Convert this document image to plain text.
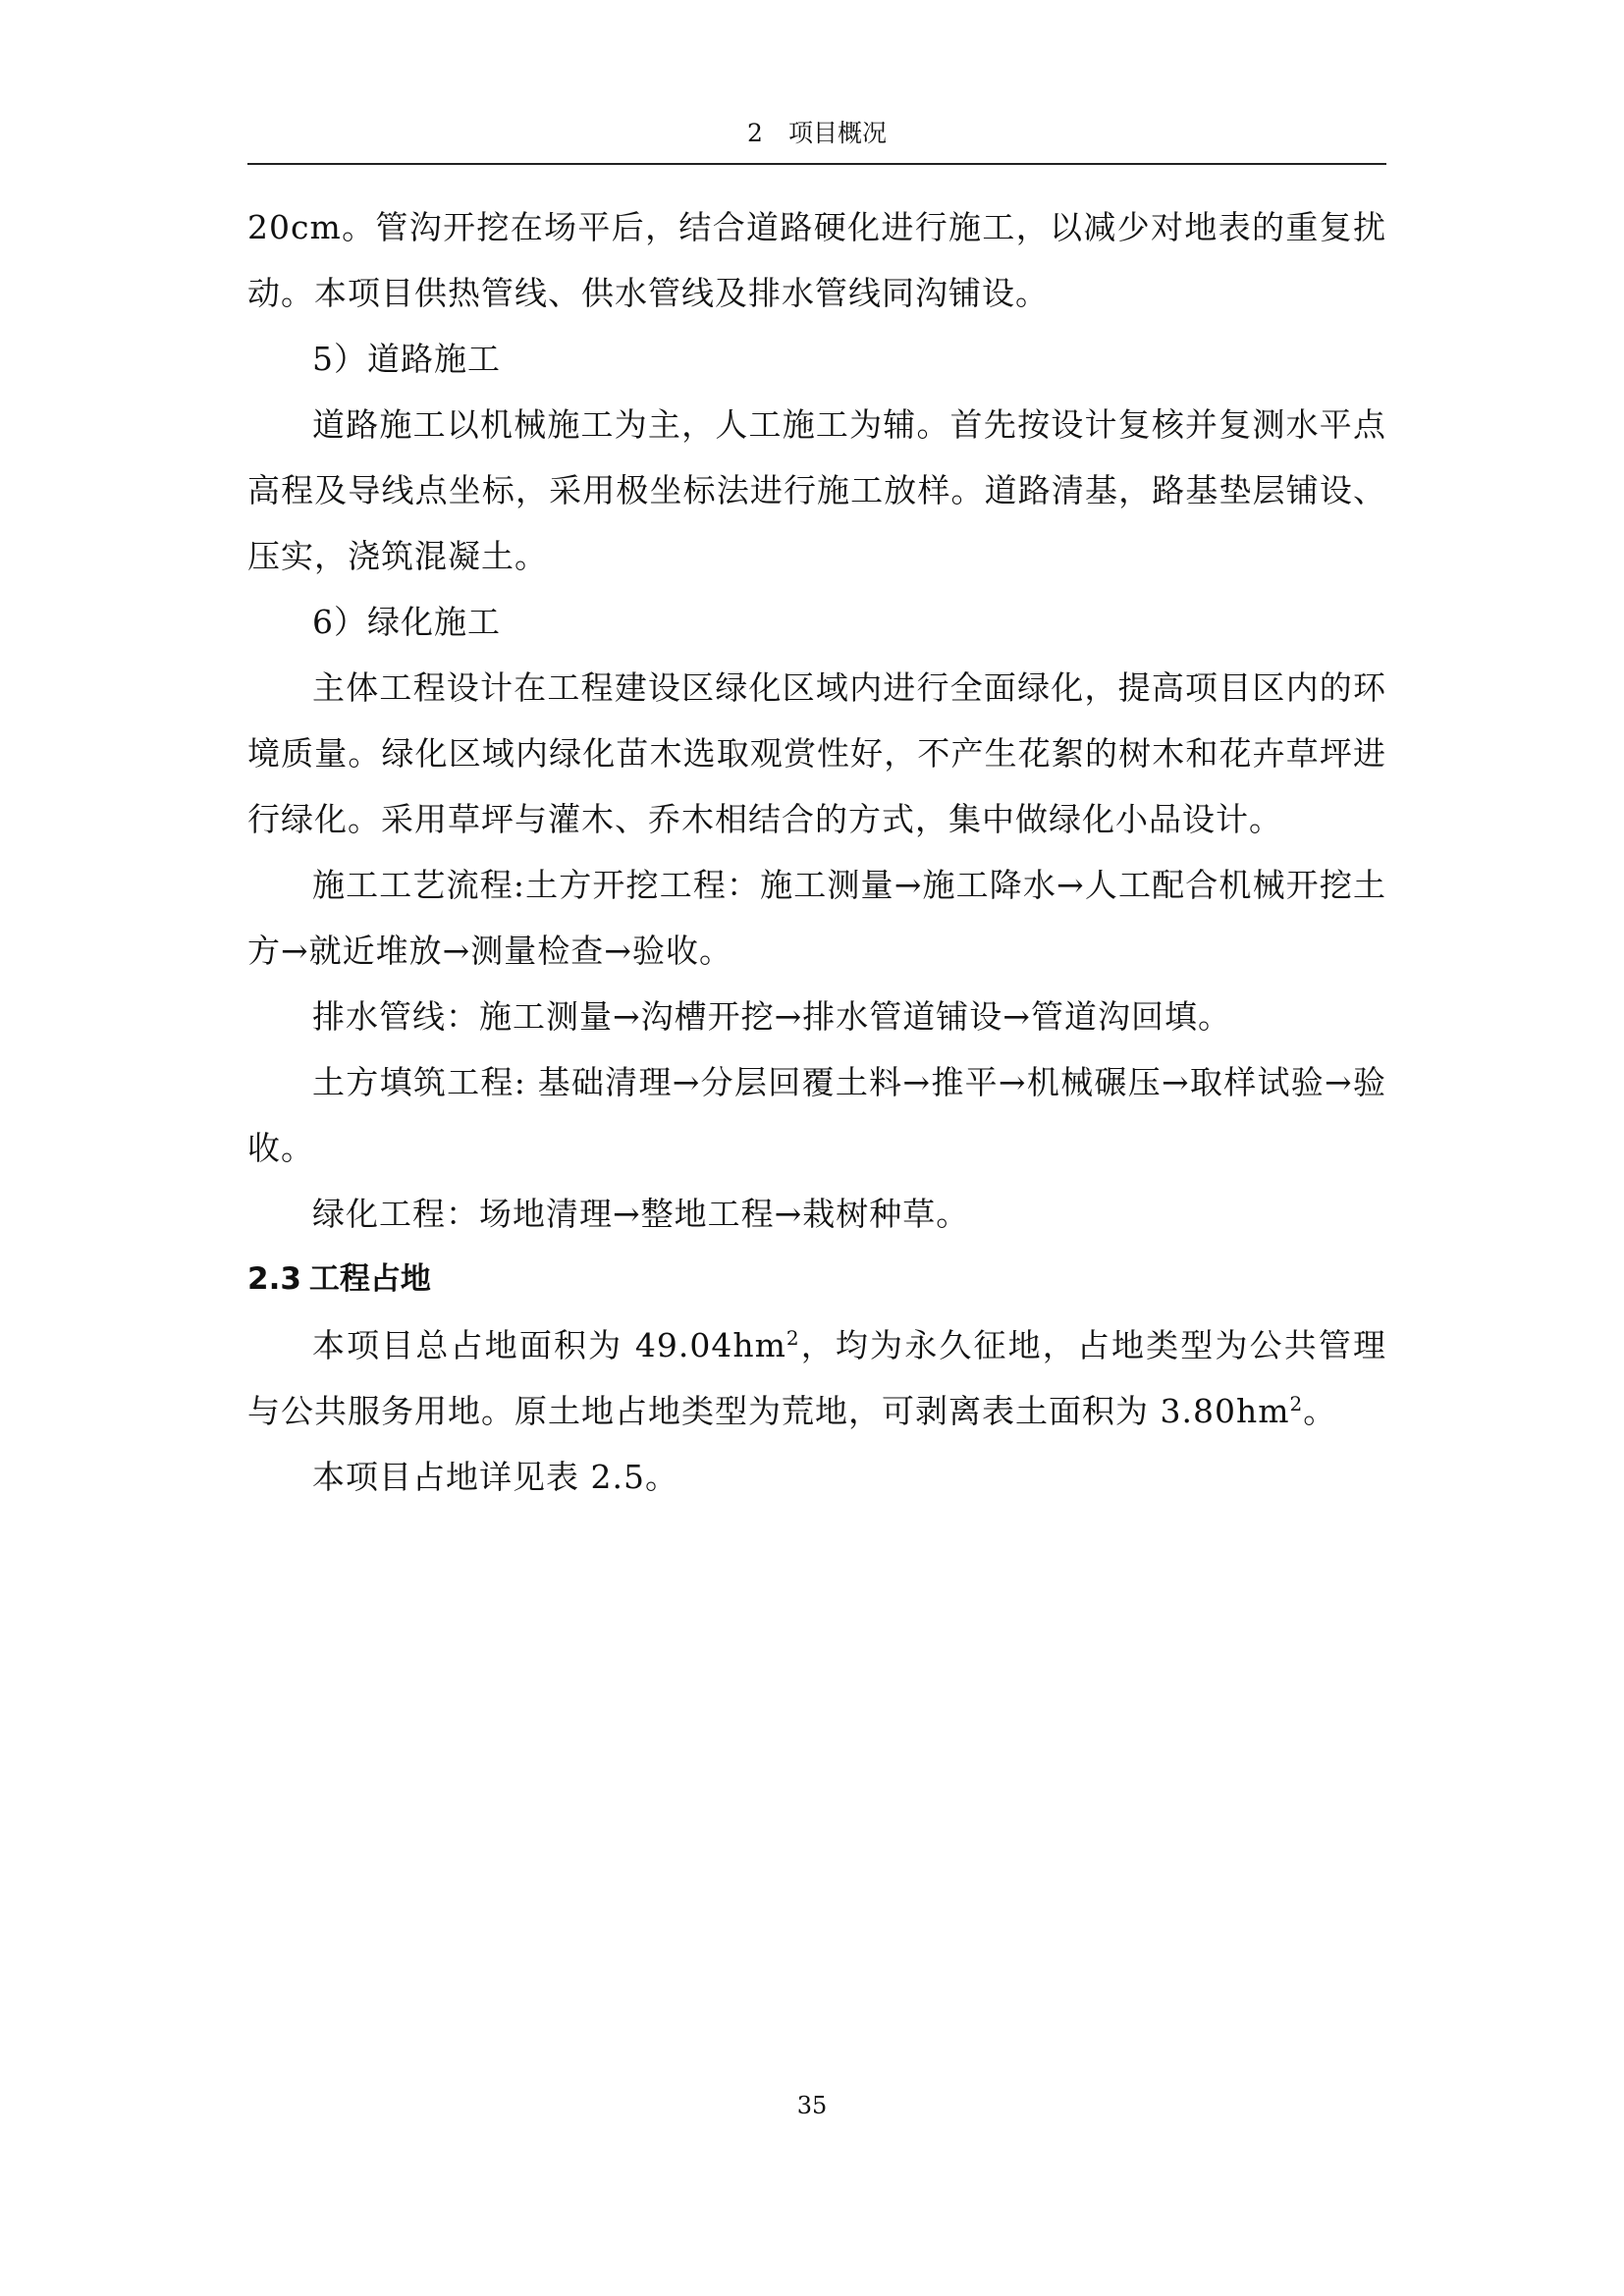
2 项目概况

20cm。管沟开挖在场平后，结合道路硬化进行施工，以减少对地表的重复扰动。本项目供热管线、供水管线及排水管线同沟铺设。

5）道路施工

道路施工以机械施工为主，人工施工为辅。首先按设计复核并复测水平点高程及导线点坐标，采用极坐标法进行施工放样。道路清基，路基垫层铺设、压实，浇筑混凝土。

6）绿化施工

主体工程设计在工程建设区绿化区域内进行全面绿化，提高项目区内的环境质量。绿化区域内绿化苗木选取观赏性好，不产生花絮的树木和花卉草坪进行绿化。采用草坪与灌木、乔木相结合的方式，集中做绿化小品设计。

施工工艺流程:土方开挖工程：施工测量→施工降水→人工配合机械开挖土方→就近堆放→测量检查→验收。

排水管线：施工测量→沟槽开挖→排水管道铺设→管道沟回填。

土方填筑工程: 基础清理→分层回覆土料→推平→机械碾压→取样试验→验收。

绿化工程：场地清理→整地工程→栽树种草。

2.3 工程占地

本项目总占地面积为 $49.04hm^2$，均为永久征地，占地类型为公共管理与公共服务用地。原土地占地类型为荒地，可剥离表土面积为 $3.80hm^2$。

本项目占地详见表 2.5。

35
